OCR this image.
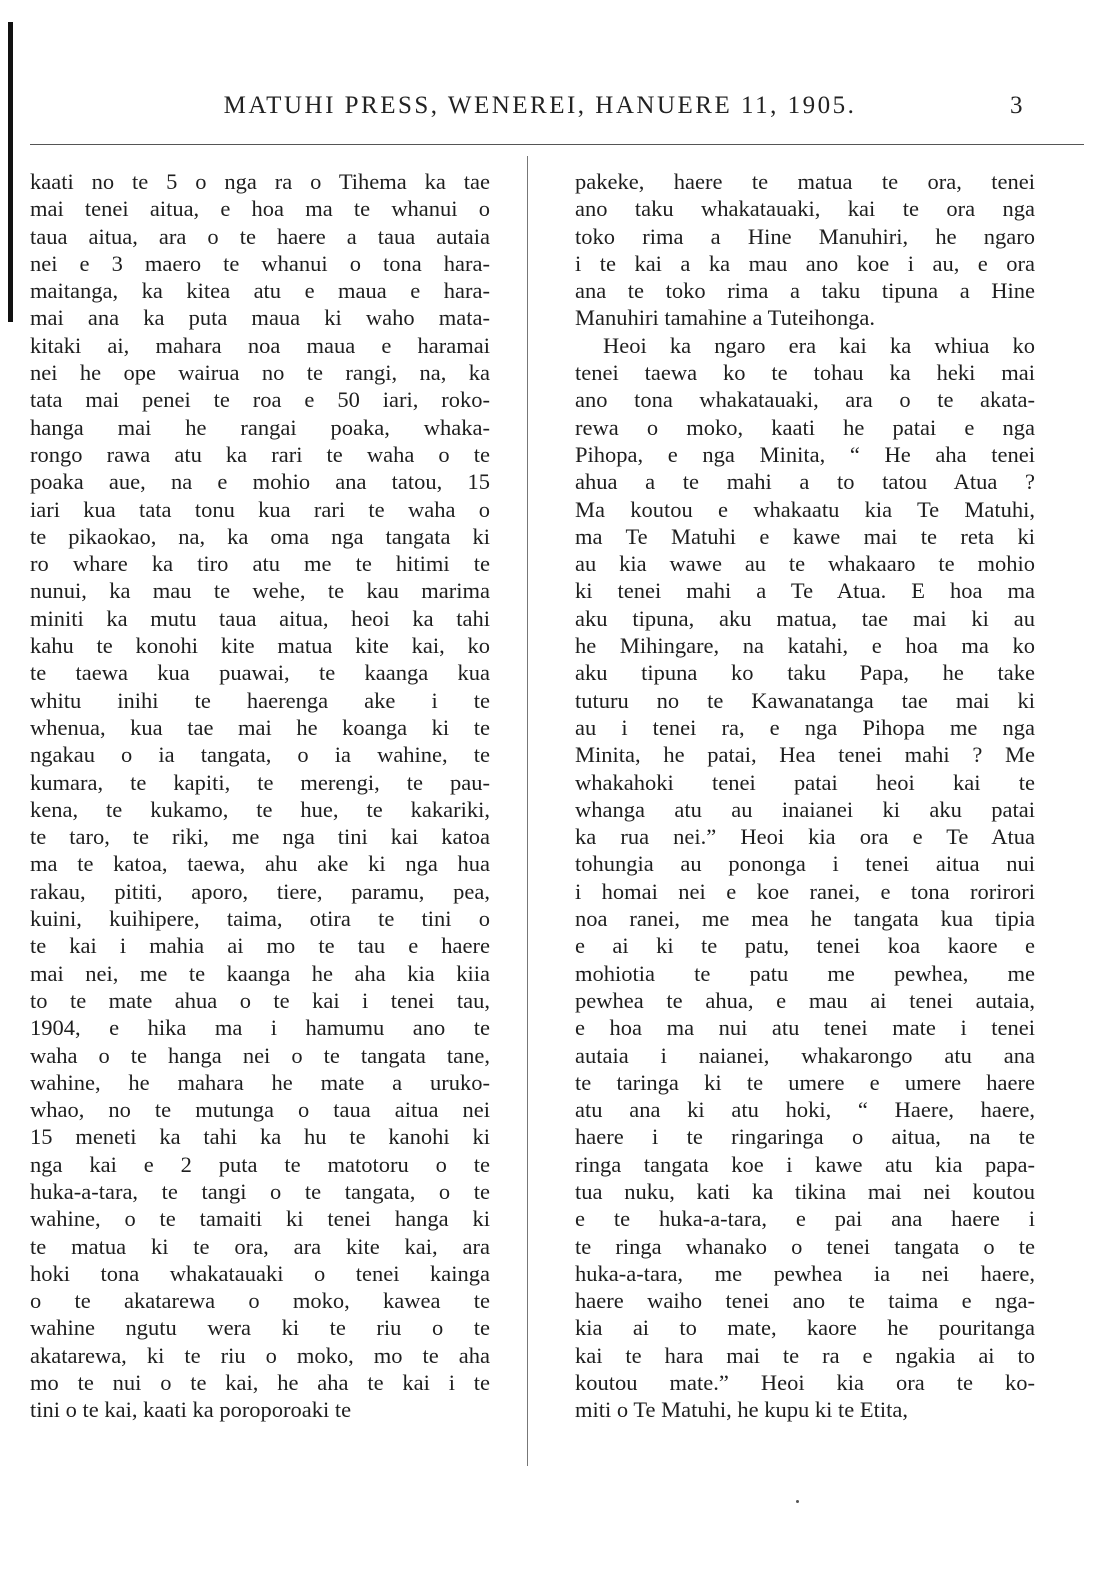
MATUHI PRESS, WENEREI, HANUERE 11, 1905.	3
kaati no te 5 o nga ra o Tihema ka tae
mai tenei aitua, e hoa ma te whanui o
taua aitua, ara o te haere a taua autaia
nei e 3 maero te whanui o tona hara-
maitanga, ka kitea atu e maua e hara-
mai ana ka puta maua ki waho mata-
kitaki ai, mahara noa maua e haramai
nei he ope wairua no te rangi, na, ka
tata mai penei te roa e 50 iari, roko-
hanga mai he rangai poaka, whaka-
rongo rawa atu ka rari te waha o te
poaka aue, na e mohio ana tatou, 15
iari kua tata tonu kua rari te waha o
te pikaokao, na, ka oma nga tangata ki
ro whare ka tiro atu me te hitimi te
nunui, ka mau te wehe, te kau marima
miniti ka mutu taua aitua, heoi ka tahi
kahu te konohi kite matua kite kai, ko
te taewa kua puawai, te kaanga kua
whitu inihi te haerenga ake i te
whenua, kua tae mai he koanga ki te
ngakau o ia tangata, o ia wahine, te
kumara, te kapiti, te merengi, te pau-
kena, te kukamo, te hue, te kakariki,
te taro, te riki, me nga tini kai katoa
ma te katoa, taewa, ahu ake ki nga hua
rakau, pititi, aporo, tiere, paramu, pea,
kuini, kuihipere, taima, otira te tini o
te kai i mahia ai mo te tau e haere
mai nei, me te kaanga he aha kia kiia
to te mate ahua o te kai i tenei tau,
1904, e hika ma i hamumu ano te
waha o te hanga nei o te tangata tane,
wahine, he mahara he mate a uruko-
whao, no te mutunga o taua aitua nei
15 meneti ka tahi ka hu te kanohi ki
nga kai e 2 puta te matotoru o te
huka-a-tara, te tangi o te tangata, o te
wahine, o te tamaiti ki tenei hanga ki
te matua ki te ora, ara kite kai, ara
hoki tona whakatauaki o tenei kainga
o te akatarewa o moko, kawea te
wahine ngutu wera ki te riu o te
akatarewa, ki te riu o moko, mo te aha
mo te nui o te kai, he aha te kai i te
tini o te kai, kaati ka poroporoaki te
pakeke, haere te matua te ora, tenei
ano taku whakatauaki, kai te ora nga
toko rima a Hine Manuhiri, he ngaro
i te kai a ka mau ano koe i au, e ora
ana te toko rima a taku tipuna a Hine
Manuhiri tamahine a Tuteihonga.
Heoi ka ngaro era kai ka whiua ko
tenei taewa ko te tohau ka heki mai
ano tona whakatauaki, ara o te akata-
rewa o moko, kaati he patai e nga
Pihopa, e nga Minita, “ He aha tenei
ahua a te mahi a to tatou Atua ?
Ma koutou e whakaatu kia Te Matuhi,
ma Te Matuhi e kawe mai te reta ki
au kia wawe au te whakaaro te mohio
ki tenei mahi a Te Atua. E hoa ma
aku tipuna, aku matua, tae mai ki au
he Mihingare, na katahi, e hoa ma ko
aku tipuna ko taku Papa, he take
tuturu no te Kawanatanga tae mai ki
au i tenei ra, e nga Pihopa me nga
Minita, he patai, Hea tenei mahi ? Me
whakahoki tenei patai heoi kai te
whanga atu au inaianei ki aku patai
ka rua nei.” Heoi kia ora e Te Atua
tohungia au pononga i tenei aitua nui
i homai nei e koe ranei, e tona rorirori
noa ranei, me mea he tangata kua tipia
e ai ki te patu, tenei koa kaore e
mohiotia te patu me pewhea, me
pewhea te ahua, e mau ai tenei autaia,
e hoa ma nui atu tenei mate i tenei
autaia i naianei, whakarongo atu ana
te taringa ki te umere e umere haere
atu ana ki atu hoki, “ Haere, haere,
haere i te ringaringa o aitua, na te
ringa tangata koe i kawe atu kia papa-
tua nuku, kati ka tikina mai nei koutou
e te huka-a-tara, e pai ana haere i
te ringa whanako o tenei tangata o te
huka-a-tara, me pewhea ia nei haere,
haere waiho tenei ano te taima e nga-
kia ai to mate, kaore he pouritanga
kai te hara mai te ra e ngakia ai to
koutou mate.” Heoi kia ora te ko-
miti o Te Matuhi, he kupu ki te Etita,
